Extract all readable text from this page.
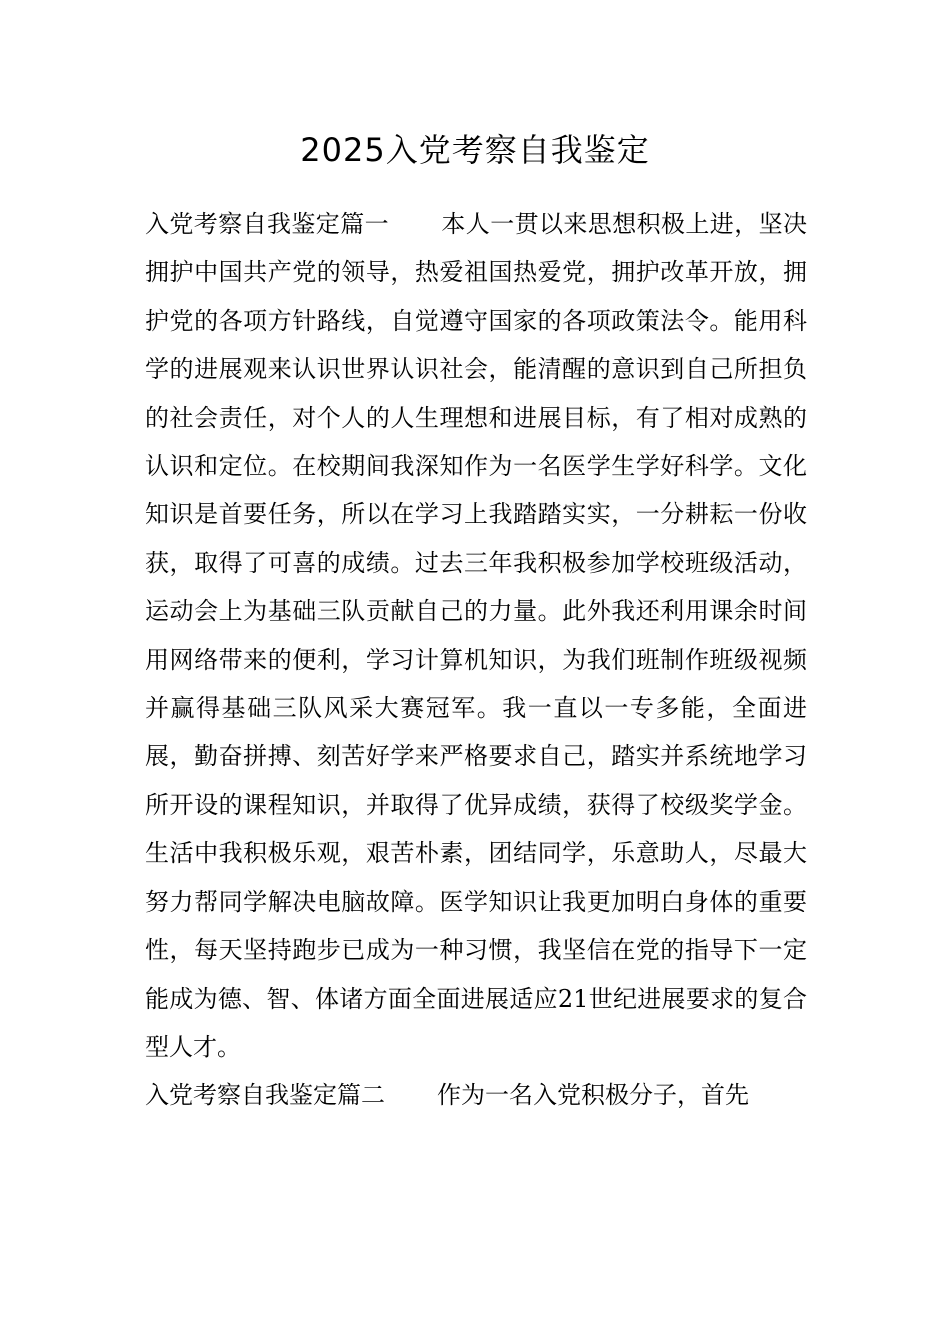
2025入党考察自我鉴定

入党考察自我鉴定篇一 本人一贯以来思想积极上进，坚决拥护中国共产党的领导，热爱祖国热爱党，拥护改革开放，拥护党的各项方针路线，自觉遵守国家的各项政策法令。能用科学的进展观来认识世界认识社会，能清醒的意识到自己所担负的社会责任，对个人的人生理想和进展目标，有了相对成熟的认识和定位。在校期间我深知作为一名医学生学好科学。文化知识是首要任务，所以在学习上我踏踏实实，一分耕耘一份收获，取得了可喜的成绩。过去三年我积极参加学校班级活动，运动会上为基础三队贡献自己的力量。此外我还利用课余时间用网络带来的便利，学习计算机知识，为我们班制作班级视频并赢得基础三队风采大赛冠军。我一直以一专多能，全面进展，勤奋拼搏、刻苦好学来严格要求自己，踏实并系统地学习所开设的课程知识，并取得了优异成绩，获得了校级奖学金。生活中我积极乐观，艰苦朴素，团结同学，乐意助人，尽最大努力帮同学解决电脑故障。医学知识让我更加明白身体的重要性，每天坚持跑步已成为一种习惯，我坚信在党的指导下一定能成为德、智、体诸方面全面进展适应21世纪进展要求的复合型人才。

入党考察自我鉴定篇二 作为一名入党积极分子，首先
